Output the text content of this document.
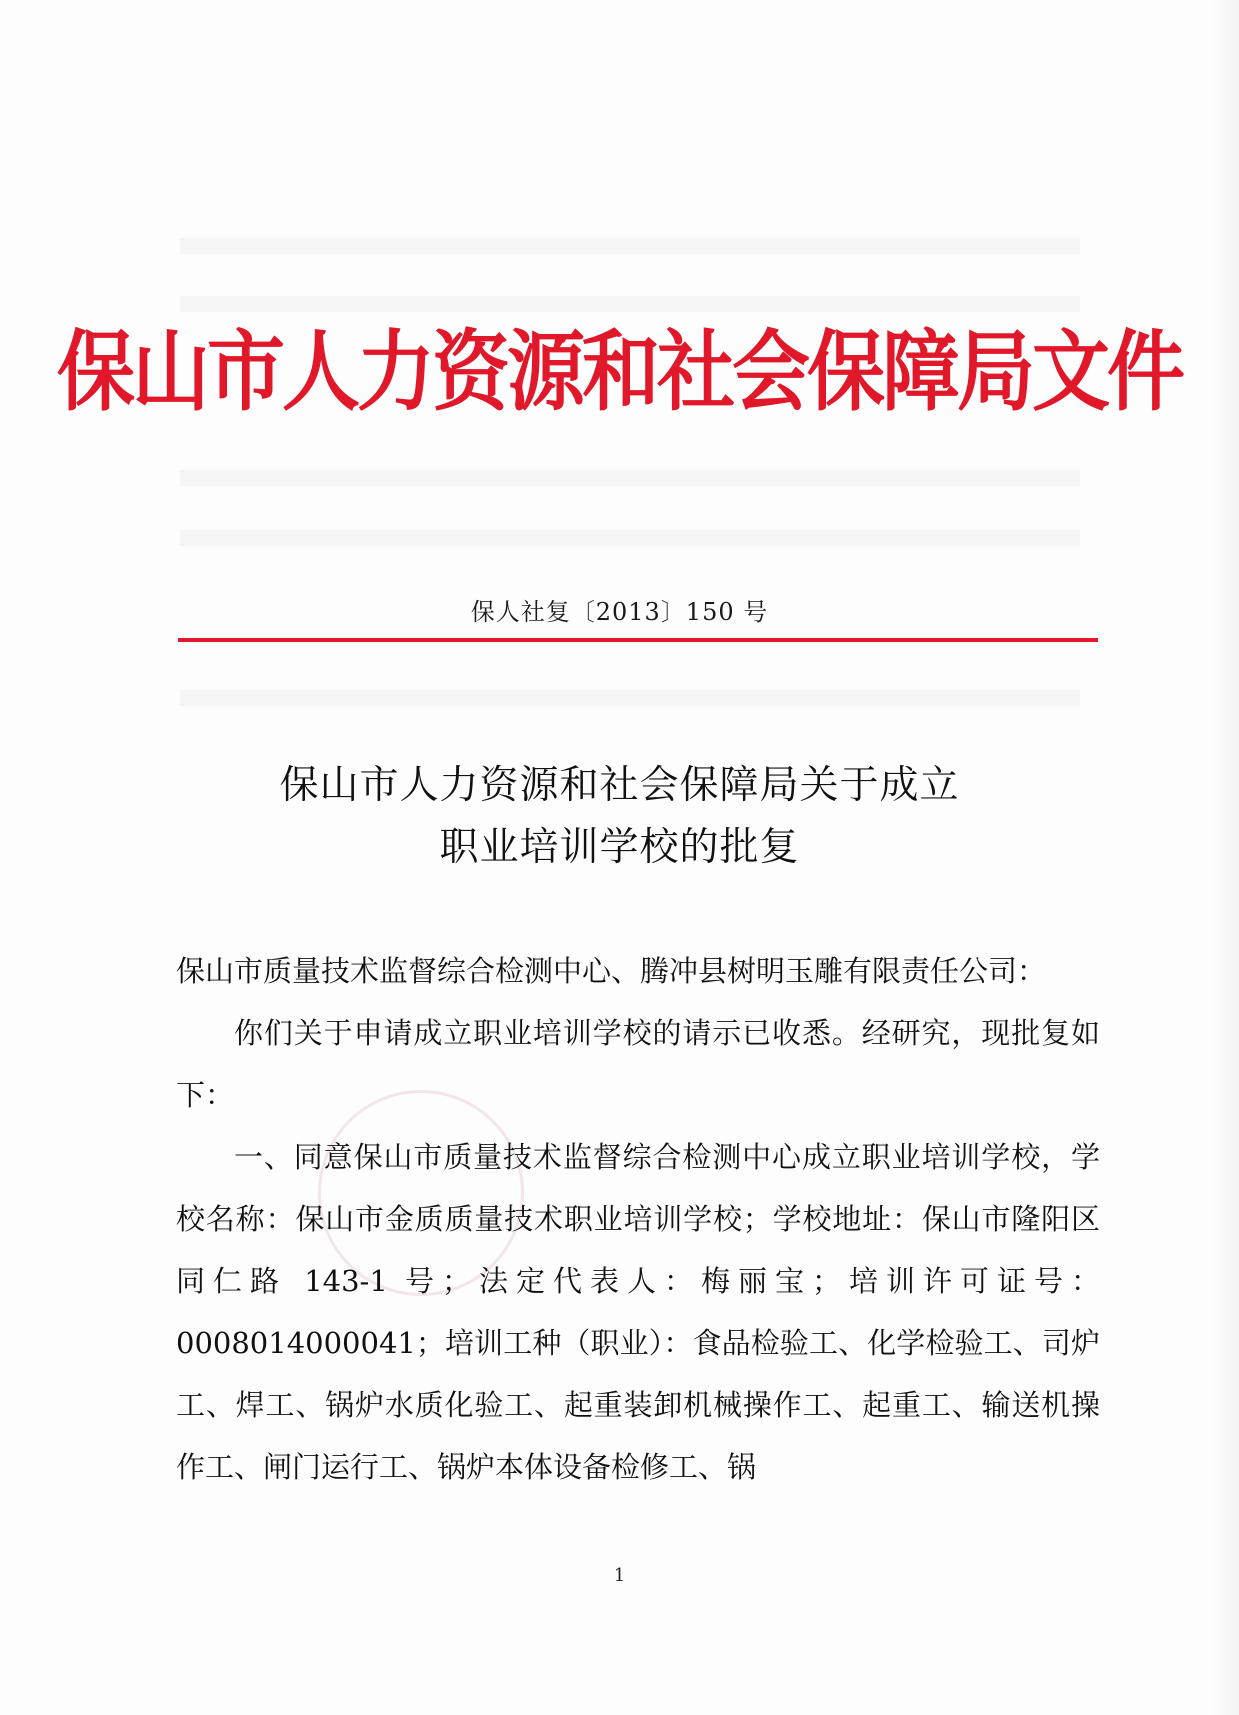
保山市人力资源和社会保障局文件
保人社复〔2013〕150 号
保山市人力资源和社会保障局关于成立
职业培训学校的批复

保山市质量技术监督综合检测中心、腾冲县树明玉雕有限责任公司：

你们关于申请成立职业培训学校的请示已收悉。经研究，现批复如下：

一、同意保山市质量技术监督综合检测中心成立职业培训学校，学校名称：保山市金质质量技术职业培训学校；学校地址：保山市隆阳区同仁路 143-1 号；法定代表人：梅丽宝；培训许可证号：0008014000041；培训工种（职业）：食品检验工、化学检验工、司炉工、焊工、锅炉水质化验工、起重装卸机械操作工、起重工、输送机操作工、闸门运行工、锅炉本体设备检修工、锅

1
